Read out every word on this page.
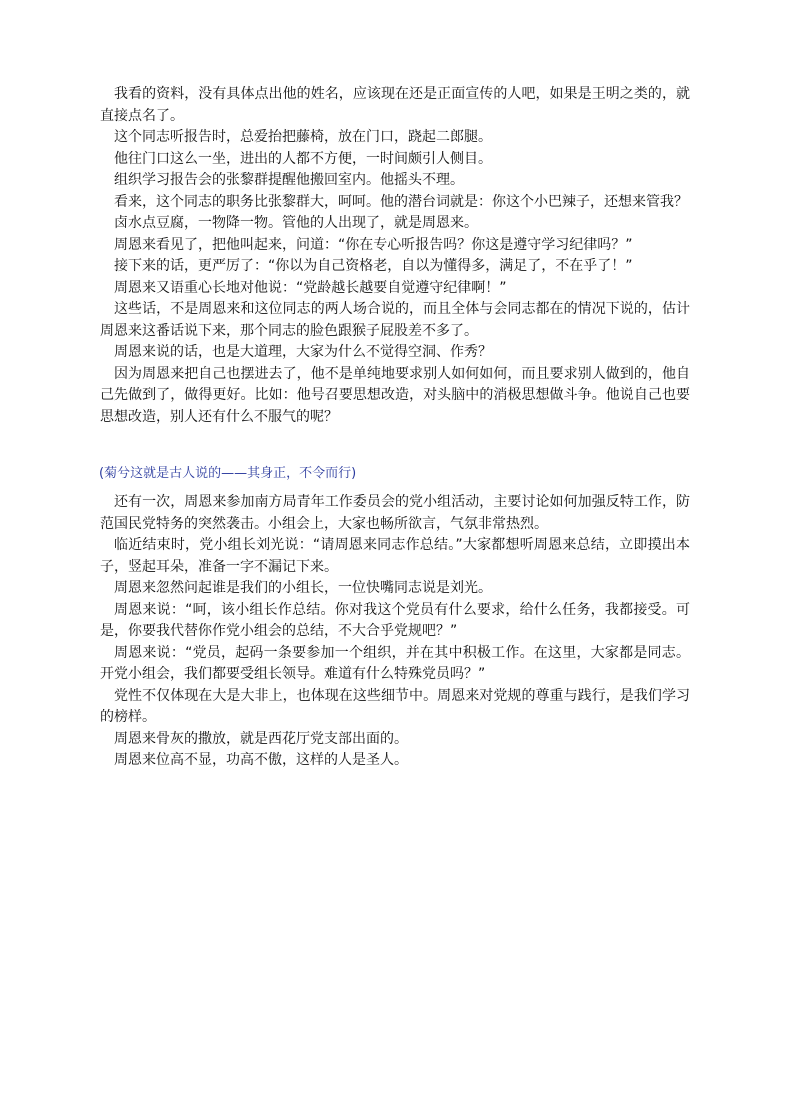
我看的资料，没有具体点出他的姓名，应该现在还是正面宣传的人吧，如果是王明之类的，就直接点名了。

这个同志听报告时，总爱抬把藤椅，放在门口，跷起二郎腿。

他往门口这么一坐，进出的人都不方便，一时间颇引人侧目。

组织学习报告会的张黎群提醒他搬回室内。他摇头不理。

看来，这个同志的职务比张黎群大，呵呵。他的潜台词就是：你这个小巴辣子，还想来管我？

卤水点豆腐，一物降一物。管他的人出现了，就是周恩来。

周恩来看见了，把他叫起来，问道：“你在专心听报告吗？你这是遵守学习纪律吗？”

接下来的话，更严厉了：“你以为自己资格老，自以为懂得多，满足了，不在乎了！”

周恩来又语重心长地对他说：“党龄越长越要自觉遵守纪律啊！”

这些话，不是周恩来和这位同志的两人场合说的，而且全体与会同志都在的情况下说的，估计周恩来这番话说下来，那个同志的脸色跟猴子屁股差不多了。

周恩来说的话，也是大道理，大家为什么不觉得空洞、作秀？

因为周恩来把自己也摆进去了，他不是单纯地要求别人如何如何，而且要求别人做到的，他自己先做到了，做得更好。比如：他号召要思想改造，对头脑中的消极思想做斗争。他说自己也要思想改造，别人还有什么不服气的呢？

(菊兮这就是古人说的——其身正，不令而行)

还有一次，周恩来参加南方局青年工作委员会的党小组活动，主要讨论如何加强反特工作，防范国民党特务的突然袭击。小组会上，大家也畅所欲言，气氛非常热烈。

临近结束时，党小组长刘光说：“请周恩来同志作总结。”大家都想听周恩来总结，立即摸出本子，竖起耳朵，准备一字不漏记下来。

周恩来忽然问起谁是我们的小组长，一位快嘴同志说是刘光。

周恩来说：“呵，该小组长作总结。你对我这个党员有什么要求，给什么任务，我都接受。可是，你要我代替你作党小组会的总结，不大合乎党规吧？”

周恩来说：“党员，起码一条要参加一个组织，并在其中积极工作。在这里，大家都是同志。开党小组会，我们都要受组长领导。难道有什么特殊党员吗？”

党性不仅体现在大是大非上，也体现在这些细节中。周恩来对党规的尊重与践行，是我们学习的榜样。

周恩来骨灰的撒放，就是西花厅党支部出面的。

周恩来位高不显，功高不傲，这样的人是圣人。
